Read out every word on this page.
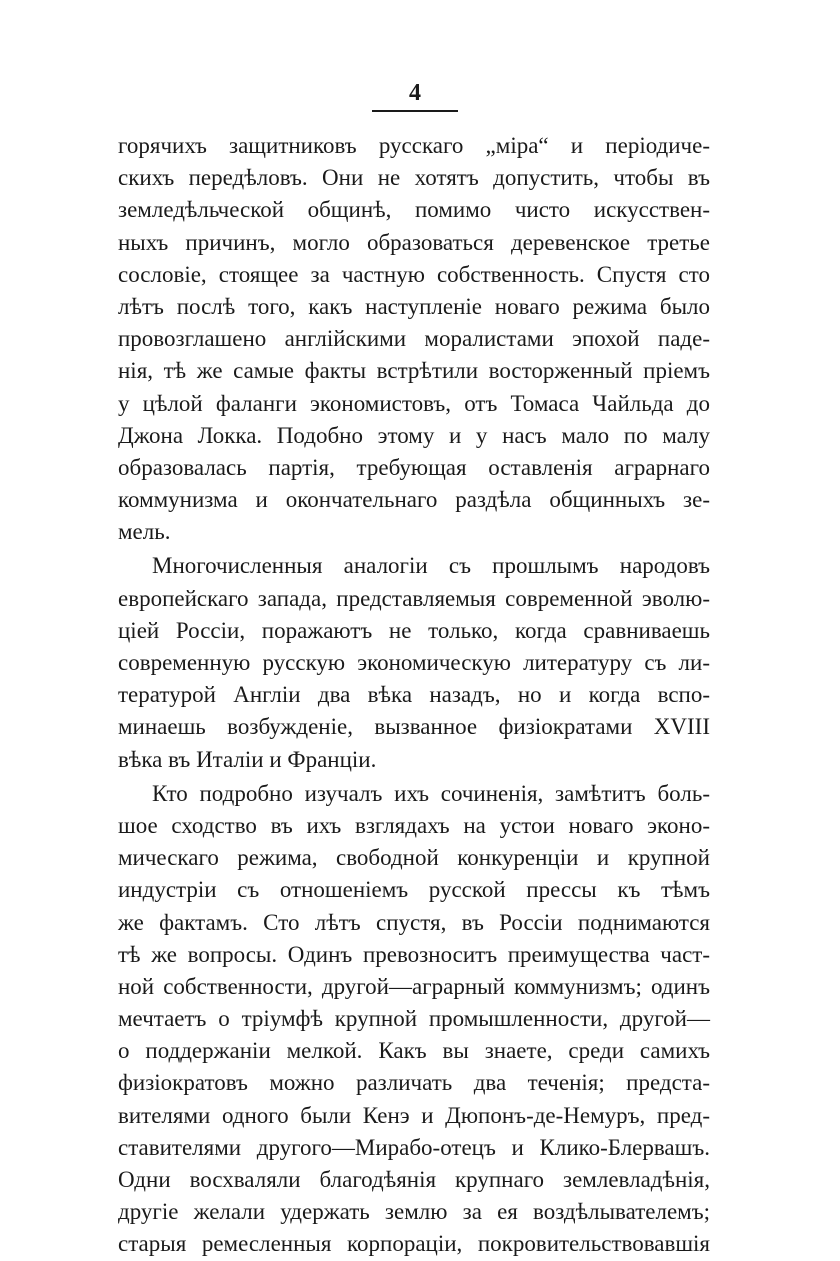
4
горячихъ защитниковъ русскаго „міра“ и періодиче-
скихъ передѣловъ. Они не хотятъ допустить, чтобы въ
земледѣльческой общинѣ, помимо чисто искусствен-
ныхъ причинъ, могло образоваться деревенское третье
сословіе, стоящее за частную собственность. Спустя сто
лѣтъ послѣ того, какъ наступленіе новаго режима было
провозглашено англійскими моралистами эпохой паде-
нія, тѣ же самые факты встрѣтили восторженный пріемъ
у цѣлой фаланги экономистовъ, отъ Томаса Чайльда до
Джона Локка. Подобно этому и у насъ мало по малу
образовалась партія, требующая оставленія аграрнаго
коммунизма и окончательнаго раздѣла общинныхъ зе-
мель.
Многочисленныя аналогіи съ прошлымъ народовъ
европейскаго запада, представляемыя современной эволю-
ціей Россіи, поражаютъ не только, когда сравниваешь
современную русскую экономическую литературу съ ли-
тературой Англіи два вѣка назадъ, но и когда вспо-
минаешь возбужденіе, вызванное физіократами XVIII
вѣка въ Италіи и Франціи.
Кто подробно изучалъ ихъ сочиненія, замѣтитъ боль-
шое сходство въ ихъ взглядахъ на устои новаго эконо-
мическаго режима, свободной конкуренціи и крупной
индустріи съ отношеніемъ русской прессы къ тѣмъ
же фактамъ. Сто лѣтъ спустя, въ Россіи поднимаются
тѣ же вопросы. Одинъ превозноситъ преимущества част-
ной собственности, другой—аграрный коммунизмъ; одинъ
мечтаетъ о тріумфѣ крупной промышленности, другой—
о поддержаніи мелкой. Какъ вы знаете, среди самихъ
физіократовъ можно различать два теченія; предста-
вителями одного были Кенэ и Дюпонъ-де-Немуръ, пред-
ставителями другого—Мирабо-отецъ и Клико-Блервашъ.
Одни восхваляли благодѣянія крупнаго землевладѣнія,
другіе желали удержать землю за ея воздѣлывателемъ;
старыя ремесленныя корпораціи, покровительствовавшія
